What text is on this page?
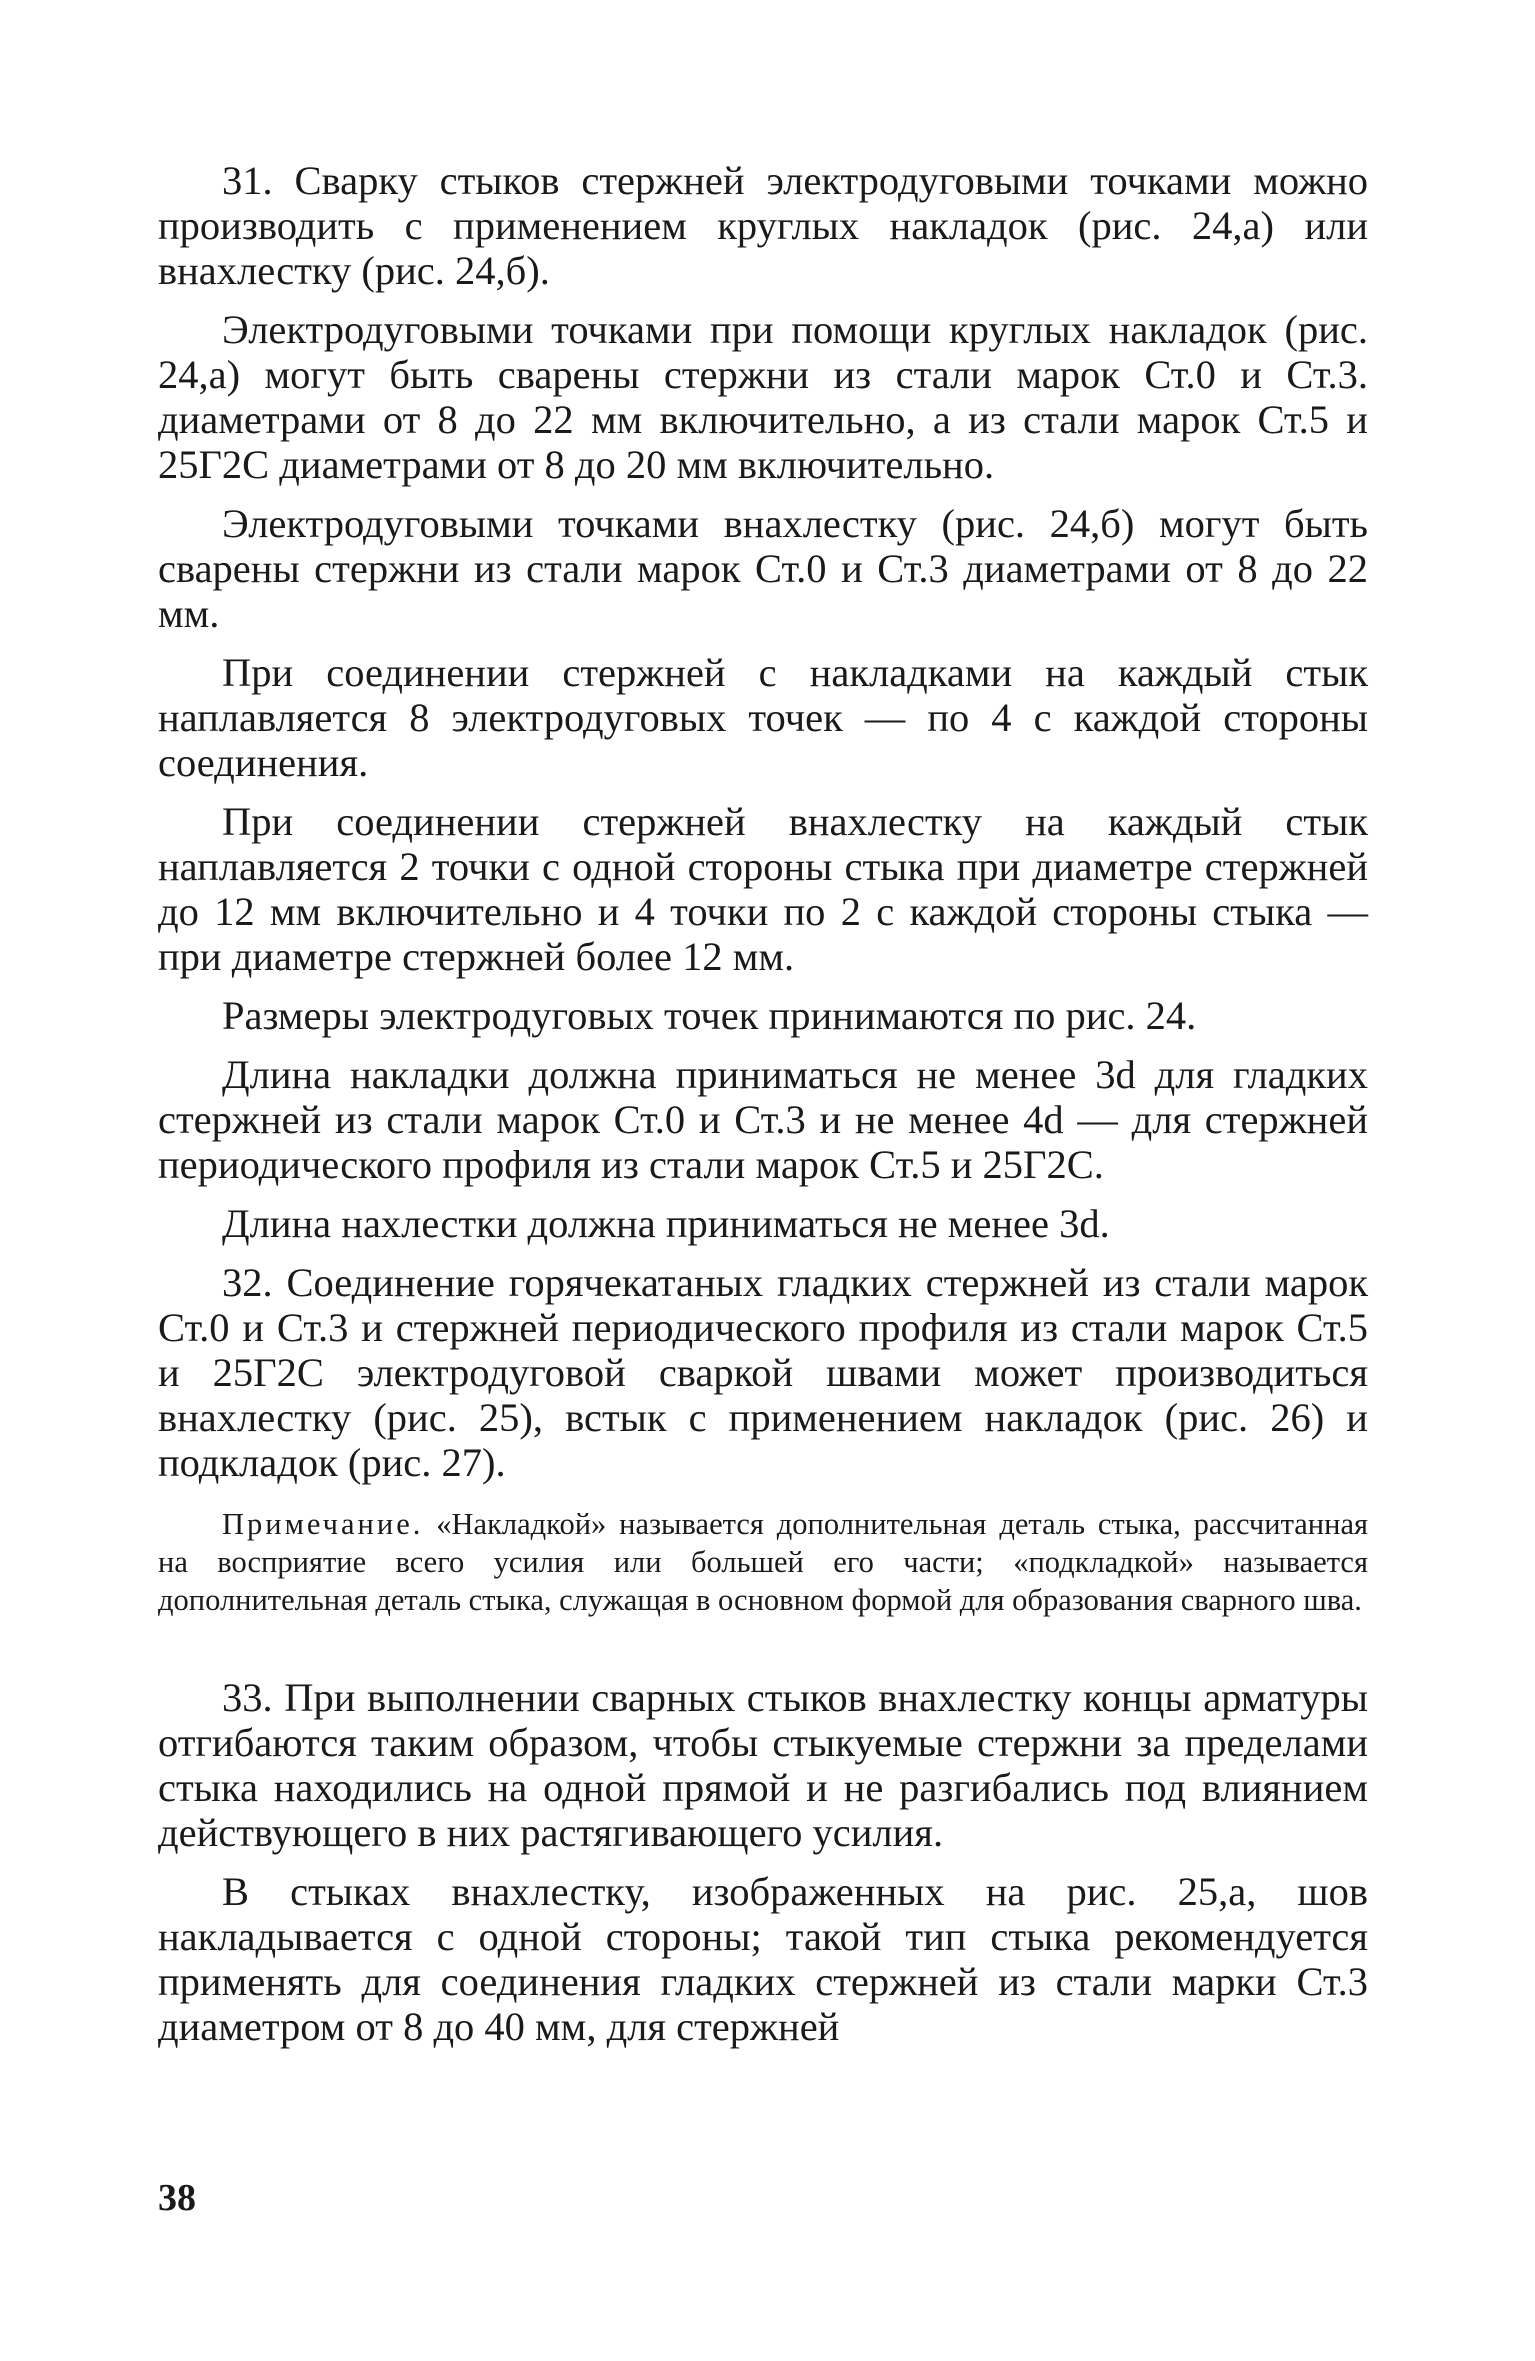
31. Сварку стыков стержней электродуговыми точками можно производить с применением круглых накладок (рис. 24,а) или внахлестку (рис. 24,б).

Электродуговыми точками при помощи круглых накладок (рис. 24,а) могут быть сварены стержни из стали марок Ст.0 и Ст.3. диаметрами от 8 до 22 мм включительно, а из стали марок Ст.5 и 25Г2С диаметрами от 8 до 20 мм включительно.

Электродуговыми точками внахлестку (рис. 24,б) могут быть сварены стержни из стали марок Ст.0 и Ст.3 диаметрами от 8 до 22 мм.

При соединении стержней с накладками на каждый стык наплавляется 8 электродуговых точек — по 4 с каждой стороны соединения.

При соединении стержней внахлестку на каждый стык наплавляется 2 точки с одной стороны стыка при диаметре стержней до 12 мм включительно и 4 точки по 2 с каждой стороны стыка — при диаметре стержней более 12 мм.

Размеры электродуговых точек принимаются по рис. 24.

Длина накладки должна приниматься не менее 3d для гладких стержней из стали марок Ст.0 и Ст.3 и не менее 4d — для стержней периодического профиля из стали марок Ст.5 и 25Г2С.

Длина нахлестки должна приниматься не менее 3d.

32. Соединение горячекатаных гладких стержней из стали марок Ст.0 и Ст.3 и стержней периодического профиля из стали марок Ст.5 и 25Г2С электродуговой сваркой швами может производиться внахлестку (рис. 25), встык с применением накладок (рис. 26) и подкладок (рис. 27).

Примечание. «Накладкой» называется дополнительная деталь стыка, рассчитанная на восприятие всего усилия или большей его части; «подкладкой» называется дополнительная деталь стыка, служащая в основном формой для образования сварного шва.

33. При выполнении сварных стыков внахлестку концы арматуры отгибаются таким образом, чтобы стыкуемые стержни за пределами стыка находились на одной прямой и не разгибались под влиянием действующего в них растягивающего усилия.

В стыках внахлестку, изображенных на рис. 25,а, шов накладывается с одной стороны; такой тип стыка рекомендуется применять для соединения гладких стержней из стали марки Ст.3 диаметром от 8 до 40 мм, для стержней

38
